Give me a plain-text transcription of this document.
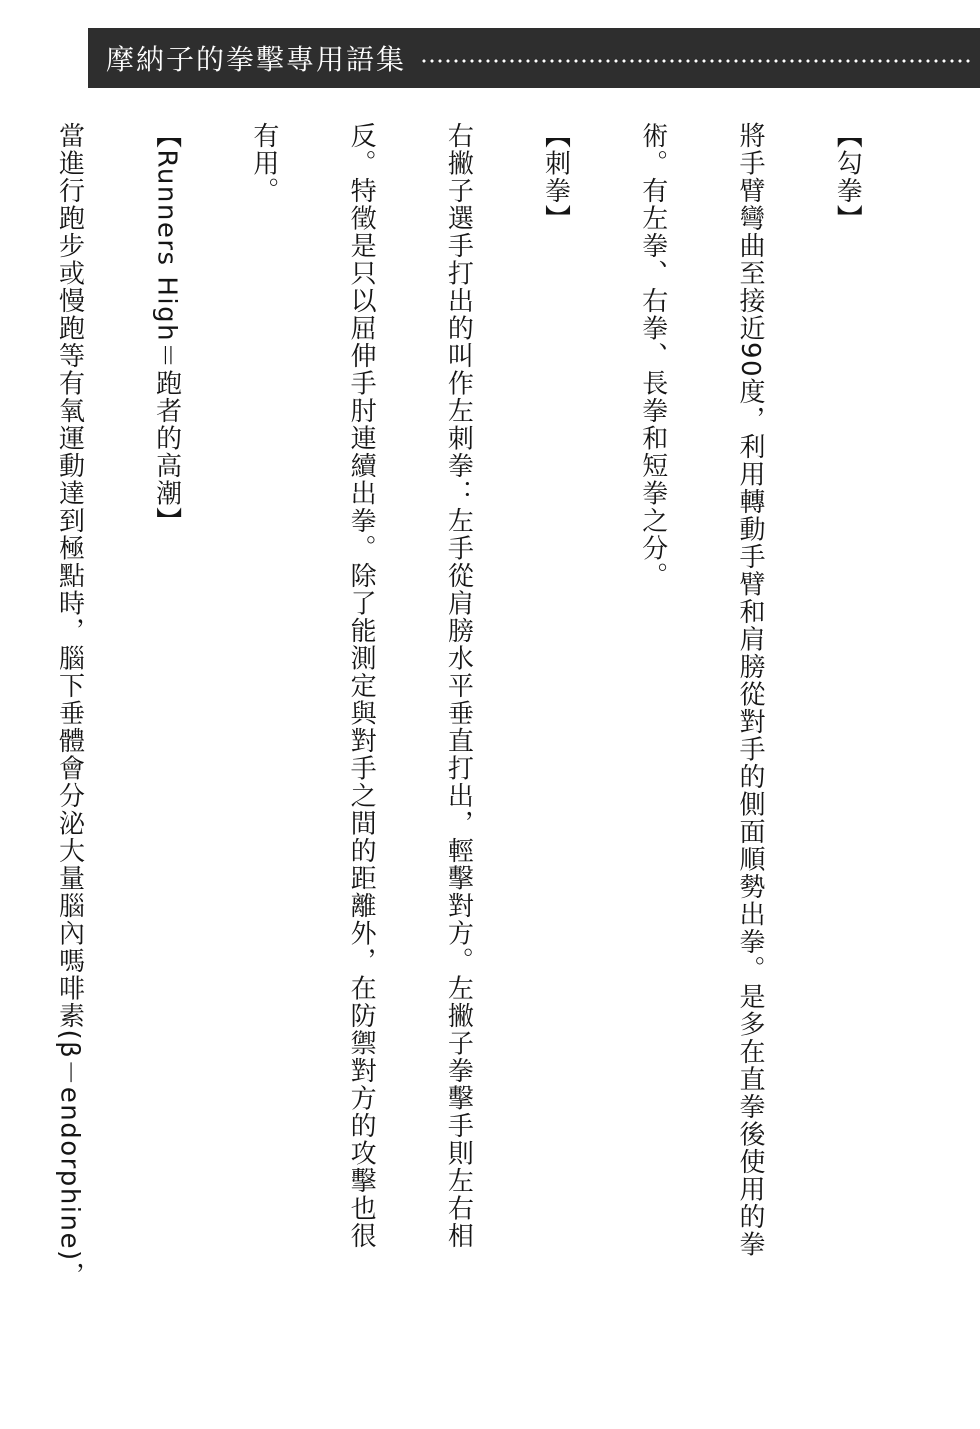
摩納子的拳擊專用語集

【勾拳】

將手臂彎曲至接近90度，利用轉動手臂和肩膀從對手的側面順勢出拳。是多在直拳後使用的拳

術。有左拳、右拳、長拳和短拳之分。

【刺拳】

右撇子選手打出的叫作左刺拳：左手從肩膀水平垂直打出，輕擊對方。左撇子拳擊手則左右相

反。特徵是只以屈伸手肘連續出拳。除了能測定與對手之間的距離外，在防禦對方的攻擊也很

有用。

【Runners High＝跑者的高潮】

當進行跑步或慢跑等有氧運動達到極點時，腦下垂體會分泌大量腦內嗎啡素(β－endorphine)，
